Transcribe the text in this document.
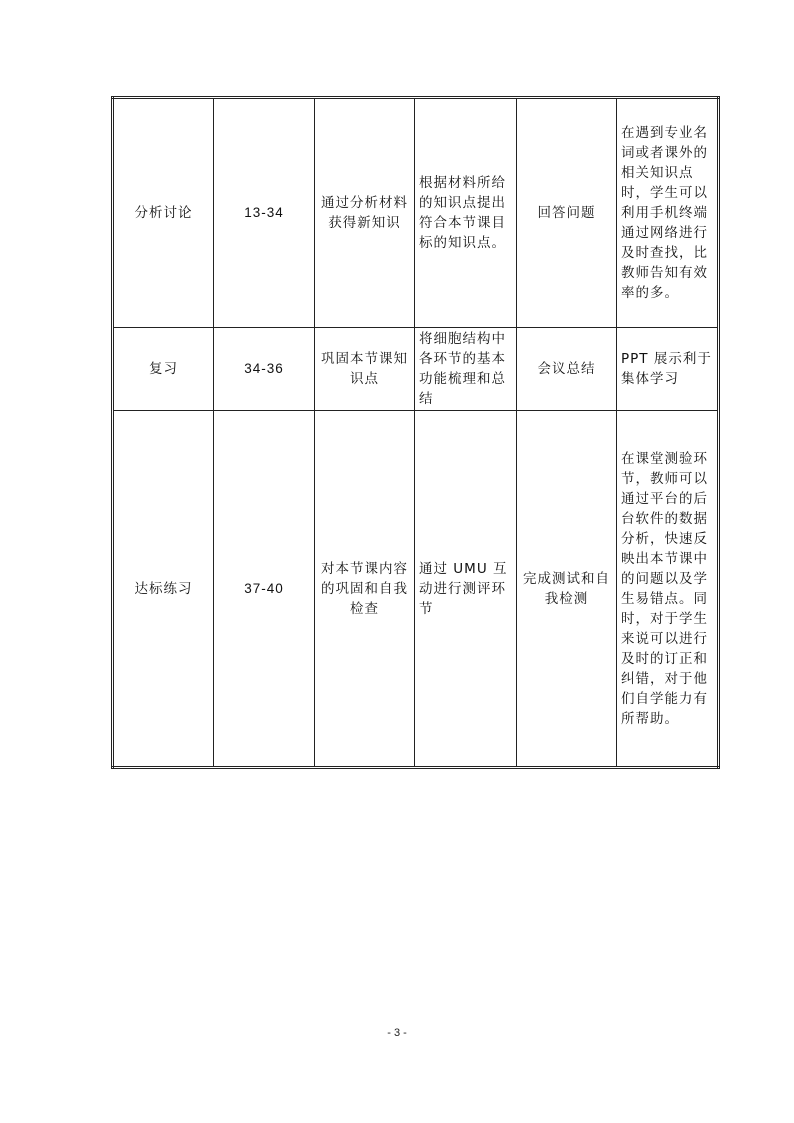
分析讨论	13-34	通过分析材料获得新知识	根据材料所给的知识点提出符合本节课目标的知识点。	回答问题	在遇到专业名词或者课外的相关知识点时，学生可以利用手机终端通过网络进行及时查找，比教师告知有效率的多。
复习	34-36	巩固本节课知识点	将细胞结构中各环节的基本功能梳理和总结	会议总结	PPT 展示利于集体学习
达标练习	37-40	对本节课内容的巩固和自我检查	通过 UMU 互动进行测评环节	完成测试和自我检测	在课堂测验环节，教师可以通过平台的后台软件的数据分析，快速反映出本节课中的问题以及学生易错点。同时，对于学生来说可以进行及时的订正和纠错，对于他们自学能力有所帮助。
- 3 -
